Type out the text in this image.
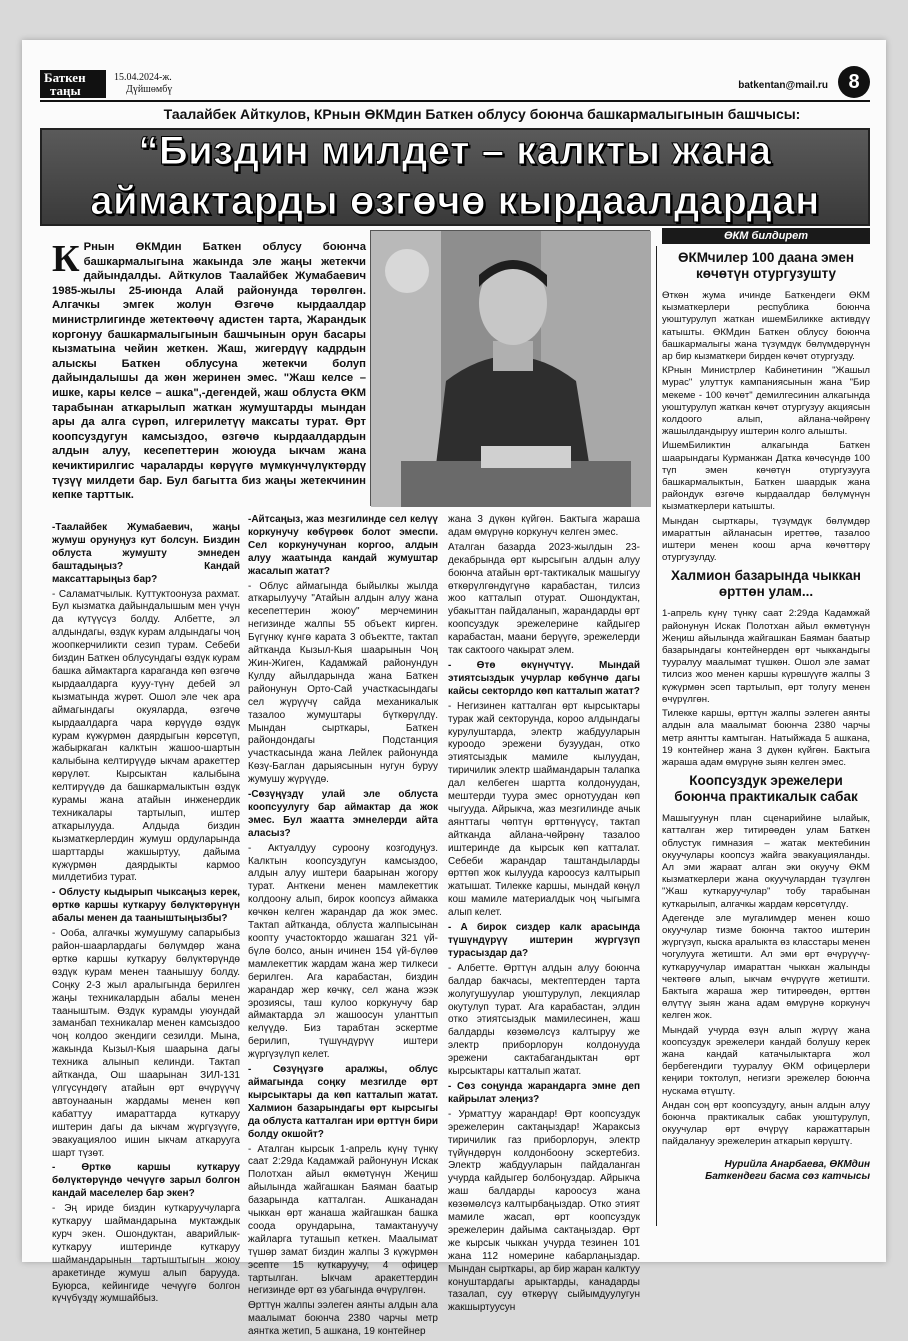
Баткен
таңы
15.04.2024-ж.
Дүйшөмбү	batkentan@mail.ru	8
Таалайбек Айткулов, КРнын ӨКМдин Баткен облусу боюнча башкармалыгынын башчысы:
“Биздин милдет – калкты жана аймактарды өзгөчө кырдаалдардан
К Рнын ӨКМдин Баткен облусу боюнча башкармалыгына жакында эле жаңы жетекчи дайындалды. Айткулов Таалайбек Жумабаевич 1985-жылы 25-июнда Алай районунда төрөлгөн. Алгачкы эмгек жолун Өзгөчө кырдаалдар министрлигинде жетектөөчү адистен тарта, Жарандык коргонуу башкармалыгынын башчынын орун басары кызматына чейин жеткен. Жаш, жигердүү кадрдын алыскы Баткен облусуна жетекчи болуп дайындалышы да жөн жеринен эмес. "Жаш келсе – ишке, кары келсе – ашка",-дегендей, жаш облуста ӨКМ тарабынан аткарылып жаткан жумуштарды мындан ары да алга сүрөп, илгерилетүү максаты турат. Өрт коопсуздугун камсыздоо, өзгөчө кырдаалдардын алдын алуу, кесепеттерин жоюуда ыкчам жана кечиктирилгис чараларды көрүүгө мүмкүнчүлүктөрдү түзүү милдети бар. Бул багытта биз жаңы жетекчинин кепке тарттык.

-Таалайбек Жумабаевич, жаңы жумуш орунуңуз кут болсун. Биздин облуста жумушту эмнеден баштадыңыз? Кандай максаттарыңыз бар?

- Саламатчылык. Куттуктоонуза рахмат. Бул кызматка дайындалышым мен үчүн да күтүүсүз болду. Албетте, эл алдындагы, өздүк курам алдындагы чоң жоопкерчиликти сезип турам. Себеби биздин Баткен облусундагы өздүк курам башка аймактарга караганда көп өзгөчө кырдаалдарга кууу-түнү дебей эл кызматында жүрөт. Ошол эле чек ара аймагындагы окуяларда, өзгөчө кырдаалдарга чара көрүүдө өздүк курам күжүрмөн даярдыгын көрсөтүп, жабыркаган калктын жашоо-шартын калыбына келтирүүдө ыкчам аракеттер көрүлөт. Кырсыктан калыбына келтирүүдө да башкармалыктын өздүк курамы жана атайын инженердик техникалары тартылып, иштер аткарылууда. Алдыда биздин кызматкерлердин жумуш ордуларында шарттарды жакшыртуу, дайыма күжүрмөн даярдыкты кармоо милдетибиз турат.

- Облусту кыдырып чыксаңыз керек, өрткө каршы куткаруу бөлүктөрүнүн абалы менен да тааныштыңызбы?

- Ооба, алгачкы жумушуму сапарыбыз район-шаарлардагы бөлүмдөр жана өрткө каршы куткаруу бөлүктөрүндө өздүк курам менен таанышуу болду. Соңку 2-3 жыл аралыгында берилген жаңы техникалардын абалы менен тааныштым. Өздүк курамды уюундай заманбап техникалар менен камсыздоо чоң колдоо экендиги сезилди. Мына, жакында Кызыл-Кыя шаарына дагы техника алынып келинди. Тактап айтканда, Ош шаарынан ЗИЛ-131 үлгүсүндөгү атайын өрт өчүрүүчү автоунаанын жардамы менен көп кабаттуу имараттарда куткаруу иштерин дагы да ыкчам жүргүзүүгө, эвакуациялоо ишин ыкчам аткарууга шарт түзөт.

- Өрткө каршы куткаруу бөлүктөрүндө чечүүгө зарыл болгон кандай маселелер бар экен?

- Эң ириде биздин куткаруучуларга куткаруу шаймандарына муктаждык курч экен. Ошондуктан, аварийлык-куткаруу иштеринде куткаруу шаймандарынын тартыштыгын жоюу аракетинде жумуш алып барууда. Буюрса, кейингиде чечүүгө болгон күчүбүздү жумшайбыз.

-Айтсаңыз, жаз мезгилинде сел келүү коркунучу көбүрөөк болот эмеспи. Сел коркунучунан коргоо, алдын алуу жаатында кандай жумуштар жасалып жатат?

- Облус аймагында быйылкы жылда аткарылуучу "Атайын алдын алуу жана кесепеттерин жоюу" мерчеминин негизинде жалпы 55 объект кирген. Бүгүнкү күнгө карата 3 объектте, тактап айтканда Кызыл-Кыя шаарынын Чоң Жин-Жиген, Кадамжай районундун Кулду айылдарында жана Баткен районунун Орто-Сай участкасындагы сел жүрүүчү сайда механикалык тазалоо жумуштары бүткөрүлдү. Мындан сырткары, Баткен райондондагы Подстанция участкасында жана Лейлек районунда Көзү-Баглан дарыясынын нугун буруу жумушу жүрүүдө.

-Сөзүңүздү улай эле облуста коопсуулугу бар аймактар да жок эмес. Бул жаатта эмнелерди айта аласыз?

- Актуалдуу суроону козгодуңуз. Калктын коопсуздугун камсыздоо, алдын алуу иштери баарынан жогору турат. Анткени менен мамлекеттик колдоону алып, бирок коопсуз аймакка көчкөн келген жарандар да жок эмес. Тактап айтканда, облуста жалпысынан коопту участоктордо жашаган 321 үй-бүлө болсо, анын ичинен 154 үй-бүлөө мамлекеттик жардам жана жер тилкеси берилген. Ага карабастан, биздин жарандар жер көчкү, сел жана жээк эрозиясы, таш кулоо коркунучу бар аймактарда эл жашоосун уланттып келүүдө. Биз тарабтан эскертме берилип, түшүндүрүү иштери жүргүзүлүп келет.

- Сөзүңүзгө аралжы, облус аймагында соңку мезгилде өрт кырсыктары да көп катталып жатат. Халмион базарындагы өрт кырсыгы да облуста катталган ири өрттүн бири болду окшойт?

- Аталган кырсык 1-апрель күнү түнкү саат 2:29да Кадамжай районунун Искак Полотхан айыл өкмөтүнүн Жеңиш айылында жайгашкан Баяман баатыр базарында катталган. Ашканадан чыккан өрт жанаша жайгашкан башка соода орундарына, тамактануучу жайларга туташып кеткен. Маалымат түшөр замат биздин жалпы 3 күжүрмөн эсепте 15 куткаруучу, 4 офицер тартылган. Ыкчам аракеттердин негизинде өрт өз убагында өчүрүлгөн.

Өрттүн жалпы ээлеген аянты алдын ала маалымат боюнча 2380 чарчы метр аянтка жетип, 5 ашкана, 19 контейнер

жана 3 дүкөн күйгөн. Бактыга жараша адам өмүрүнө коркунуч келген эмес.

Аталган базарда 2023-жылдын 23-декабрында өрт кырсыгын алдын алуу боюнча атайын өрт-тактикалык машыгуу өткөрүлгөндүгүнө карабастан, тилсиз жоо катталып отурат. Ошондуктан, убакыттан пайдаланып, жарандарды өрт коопсуздук эрежелерине кайдыгер карабастан, маани берүүгө, эрежелерди так сактоого чакырат элем.

- Өтө өкүнүчтүү. Мындай этиятсыздык учурлар көбүнчө дагы кайсы секторлдо көп катталып жатат?

- Негизинен катталган өрт кырсыктары турак жай секторунда, короо алдындагы курулуштарда, электр жабдууларын куроодо эрежени бузуудан, отко этиятсыздык мамиле кылуудан, тиричилик электр шаймандарын талапка дал келбеген шартта колдонуудан, мештерди туура эмес орнотуудан көп чыгууда. Айрыкча, жаз мезгилинде ачык аянттагы чөптүн өрттөнүүсү, тактап айтканда айлана-чөйрөнү тазалоо иштеринде да кырсык көп катталат. Себеби жарандар таштандыларды өрттөп жок кылууда кароосуз калтырып жатышат. Тилекке каршы, мындай көңүл кош мамиле материалдык чоң чыгымга алып келет.

- А бирок сиздер калк арасында түшүндүрүү иштерин жүргүзүп турасыздар да?

- Албетте. Өрттүн алдын алуу боюнча балдар бакчасы, мектептерден тарта жолугушуулар уюштурулуп, лекциялар окутулуп турат. Ага карабастан, элдин отко этиятсыздык мамилесинен, жаш балдарды көзөмөлсүз калтыруу же электр приборлорун колдонууда эрежени сактабагандыктан өрт кырсыктары катталып жатат.

- Сөз соңунда жарандарга эмне деп кайрылат элеңиз?

- Урматтуу жарандар! Өрт коопсуздук эрежелерин сактаңыздар! Жараксыз тиричилик газ приборлорун, электр түйүндөрүн колдонбоону эскертебиз. Электр жабдууларын пайдаланган учурда кайдыгер болбоңуздар. Айрыкча жаш балдарды кароосуз жана көзөмөлсүз калтырбаңыздар. Отко этият мамиле жасап, өрт коопсуздук эрежелерин дайыма сактаңыздар. Өрт же кырсык чыккан учурда тезинен 101 жана 112 номерине кабарлаңыздар. Мындан сырткары, ар бир жаран калктуу конуштардагы арыктарды, канадарды тазалап, суу өткөрүү сыйымдуулугун жакшыртуусун

ӨКМ билдирет
ӨКМчилер 100 даана эмен көчөтүн отургузушту

Өткөн жума ичинде Баткендеги ӨКМ кызматкерлери республика боюнча уюштурулуп жаткан ишемБиликке активдүү катышты. ӨКМдин Баткен облусу боюнча башкармалыгы жана түзүмдүк бөлүмдөрүнүн ар бир кызматкери бирден көчөт отургузду.

КРнын Министрлер Кабинетинин "Жашыл мурас" улуттук кампаниясынын жана "Бир мекеме - 100 көчөт" демилгесинин алкагында уюштурулуп жаткан көчөт отургузуу акциясын колдоого алып, айлана-чөйрөнү жашылдандыруу иштерин колго алышты.

ИшемБиликтин алкагында Баткен шаарындагы Курманжан Датка көчөсүндө 100 түп эмен көчөтүн отургузууга башкармалыктын, Баткен шаардык жана райондук өзгөчө кырдаалдар бөлүмүнүн кызматкерлери катышты.

Мындан сырткары, түзүмдүк бөлүмдөр имараттын айланасын иреттөө, тазалоо иштери менен коош арча көчөттөрү отургузулду.

Халмион базарында чыккан өрттөн улам...

1-апрель күнү түнкү саат 2:29да Кадамжай районунун Искак Полотхан айыл өкмөтүнүн Жеңиш айылында жайгашкан Баяман баатыр базарындагы контейнерден өрт чыккандыгы тууралуу маалымат түшкөн. Ошол эле замат тилсиз жоо менен каршы күрөшүүгө жалпы 3 күжүрмөн эсеп тартылып, өрт толугу менен өчүрүлгөн.

Тилекке каршы, өрттүн жалпы ээлеген аянты алдын ала маалымат боюнча 2380 чарчы метр аянтты камтыган. Натыйжада 5 ашкана, 19 контейнер жана 3 дүкөн күйгөн. Бактыга жараша адам өмүрүнө зыян келген эмес.

Коопсуздук эрежелери боюнча практикалык сабак

Машыгуунун план сценарийине ылайык, катталган жер титирөөдөн улам Баткен облустук гимназия – жатак мектебинин окуучулары коопсуз жайга эвакуацияланды. Ал эми жараат алган эки окуучу ӨКМ кызматкерлери жана окуучулардан түзүлгөн "Жаш куткаруучулар" тобу тарабынан куткарылып, алгачкы жардам көрсөтүлдү.

Адегенде эле мугалимдер менен кошо окуучулар тизме боюнча тактоо иштерин жүргүзүп, кыска аралыкта өз класстары менен чогулууга жетишти. Ал эми өрт өчүрүүчү-куткаруучулар имараттан чыккан жалынды чектөөгө алып, ыкчам өчүрүүгө жетишти. Бактыга жараша жер титирөөдөн, өрттөн өлүтүү зыян жана адам өмүрүнө коркунуч келген жок.

Мындай учурда өзүн алып жүрүү жана коопсуздук эрежелери кандай болушу керек жана кандай катачылыктарга жол бербегендиги тууралуу ӨКМ офицерлери кеңири токтолуп, негизги эрежелер боюнча нускама өтүштү.

Андан соң өрт коопсуздугу, анын алдын алуу боюнча практикалык сабак уюштурулуп, окуучулар өрт өчүрүү каражаттарын пайдалануу эрежелерин аткарып көрүштү.

Нурийла Анарбаева, ӨКМдин
Баткендеги басма сөз катчысы
